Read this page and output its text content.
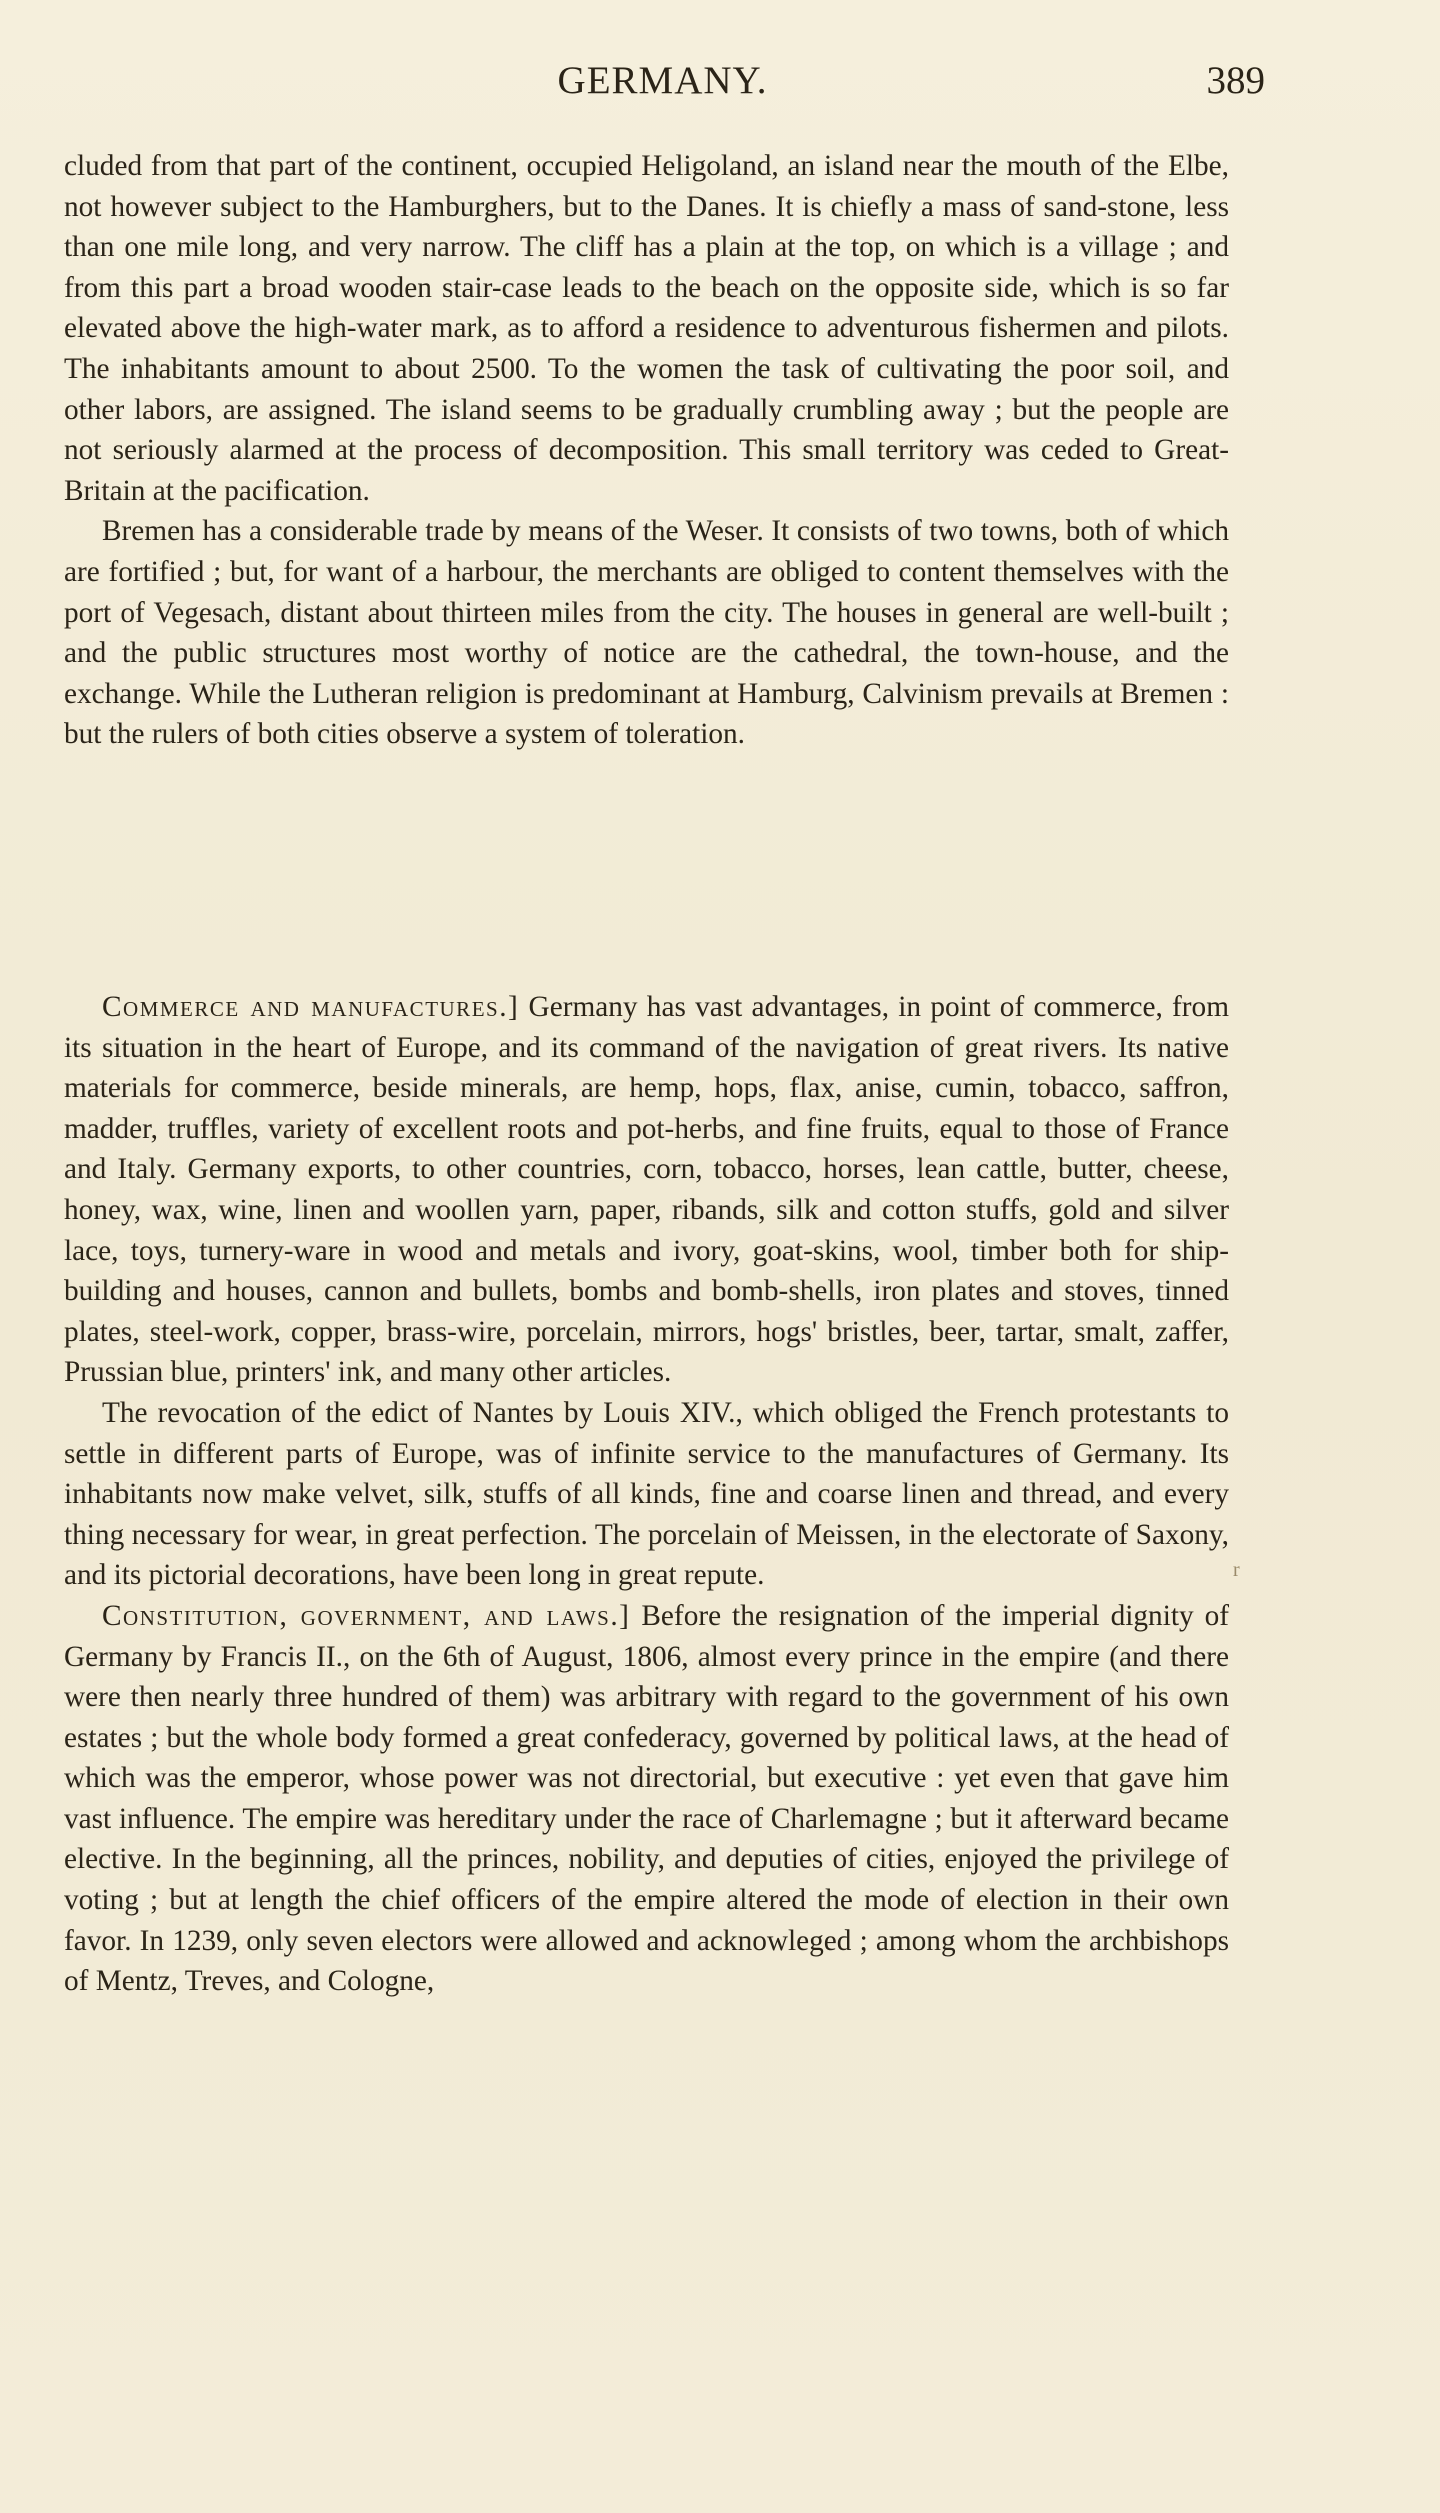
GERMANY.	389

cluded from that part of the continent, occupied Heligoland, an island near the mouth of the Elbe, not however subject to the Hamburghers, but to the Danes. It is chiefly a mass of sand-stone, less than one mile long, and very narrow. The cliff has a plain at the top, on which is a village ; and from this part a broad wooden stair-case leads to the beach on the opposite side, which is so far elevated above the high-water mark, as to afford a residence to adventurous fishermen and pilots. The inhabitants amount to about 2500. To the women the task of cultivating the poor soil, and other labors, are assigned. The island seems to be gradually crumbling away ; but the people are not seriously alarmed at the process of decomposition. This small territory was ceded to Great-Britain at the pacification.

Bremen has a considerable trade by means of the Weser. It consists of two towns, both of which are fortified ; but, for want of a harbour, the merchants are obliged to content themselves with the port of Vegesach, distant about thirteen miles from the city. The houses in general are well-built ; and the public structures most worthy of notice are the cathedral, the town-house, and the exchange. While the Lutheran religion is predominant at Hamburg, Calvinism prevails at Bremen : but the rulers of both cities observe a system of toleration.

Commerce and manufactures.] Germany has vast advantages, in point of commerce, from its situation in the heart of Europe, and its command of the navigation of great rivers. Its native materials for commerce, beside minerals, are hemp, hops, flax, anise, cumin, tobacco, saffron, madder, truffles, variety of excellent roots and pot-herbs, and fine fruits, equal to those of France and Italy. Germany exports, to other countries, corn, tobacco, horses, lean cattle, butter, cheese, honey, wax, wine, linen and woollen yarn, paper, ribands, silk and cotton stuffs, gold and silver lace, toys, turnery-ware in wood and metals and ivory, goat-skins, wool, timber both for ship-building and houses, cannon and bullets, bombs and bomb-shells, iron plates and stoves, tinned plates, steel-work, copper, brass-wire, porcelain, mirrors, hogs' bristles, beer, tartar, smalt, zaffer, Prussian blue, printers' ink, and many other articles.

The revocation of the edict of Nantes by Louis XIV., which obliged the French protestants to settle in different parts of Europe, was of infinite service to the manufactures of Germany. Its inhabitants now make velvet, silk, stuffs of all kinds, fine and coarse linen and thread, and every thing necessary for wear, in great perfection. The porcelain of Meissen, in the electorate of Saxony, and its pictorial decorations, have been long in great repute.

Constitution, government, and laws.] Before the resignation of the imperial dignity of Germany by Francis II., on the 6th of August, 1806, almost every prince in the empire (and there were then nearly three hundred of them) was arbitrary with regard to the government of his own estates ; but the whole body formed a great confederacy, governed by political laws, at the head of which was the emperor, whose power was not directorial, but executive : yet even that gave him vast influence. The empire was hereditary under the race of Charlemagne ; but it afterward became elective. In the beginning, all the princes, nobility, and deputies of cities, enjoyed the privilege of voting ; but at length the chief officers of the empire altered the mode of election in their own favor. In 1239, only seven electors were allowed and acknowleged ; among whom the archbishops of Mentz, Treves, and Cologne,

r
